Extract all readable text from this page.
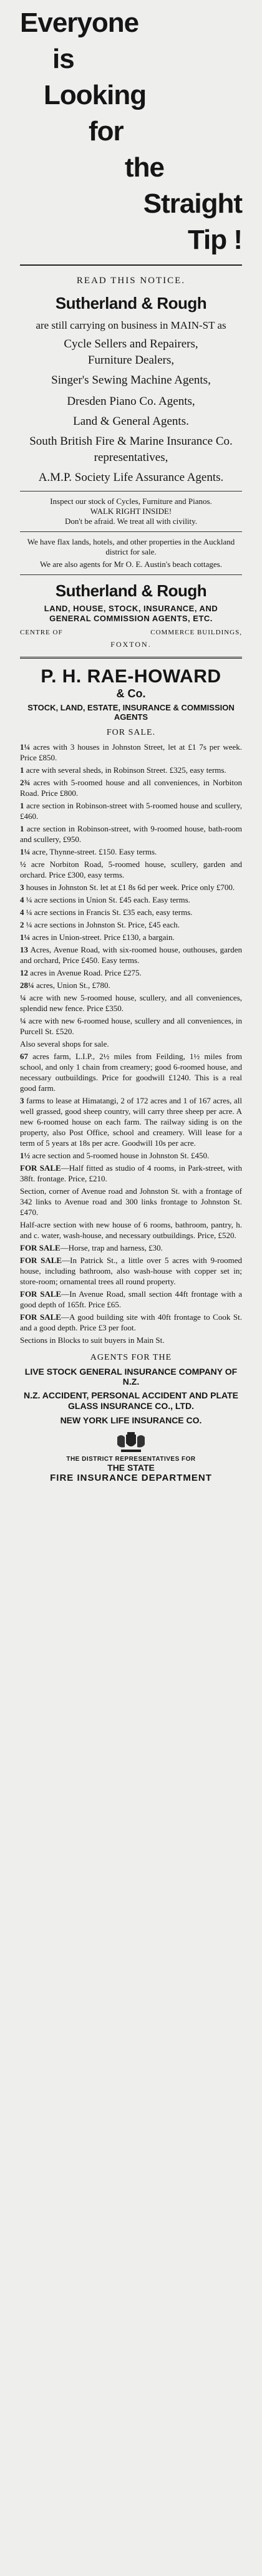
Everyone
is
Looking
for
the
Straight
Tip !
READ THIS NOTICE.
Sutherland & Rough
are still carrying on business in MAIN-ST as
Cycle Sellers and Repairers,
Furniture Dealers,
Singer's Sewing Machine Agents,
Dresden Piano Co. Agents,
Land & General Agents.
South British Fire & Marine Insurance Co. representatives,
A.M.P. Society Life Assurance Agents.
Inspect our stock of Cycles, Furniture and Pianos.
WALK RIGHT INSIDE!
Don't be afraid. We treat all with civility.
We have flax lands, hotels, and other properties in the Auckland district for sale.
We are also agents for Mr O. E. Austin's beach cottages.
Sutherland & Rough
LAND, HOUSE, STOCK, INSURANCE, AND GENERAL COMMISSION AGENTS, ETC.
CENTRE OF	COMMERCE BUILDINGS,
FOXTON.
P. H. RAE-HOWARD
& Co.
STOCK, LAND, ESTATE, INSURANCE & COMMISSION AGENTS
FOR SALE.

1¼ acres with 3 houses in Johnston Street, let at £1 7s per week. Price £850.

1 acre with several sheds, in Robinson Street. £325, easy terms.

2¾ acres with 5-roomed house and all conveniences, in Norbiton Road. Price £800.

1 acre section in Robinson-street with 5-roomed house and scullery, £460.

1 acre section in Robinson-street, with 9-roomed house, bath-room and scullery, £950.

1¼ acre, Thynne-street. £150. Easy terms.

½ acre Norbiton Road, 5-roomed house, scullery, garden and orchard. Price £300, easy terms.

3 houses in Johnston St. let at £1 8s 6d per week. Price only £700.

4 ¼ acre sections in Union St. £45 each. Easy terms.

4 ¼ acre sections in Francis St. £35 each, easy terms.

2 ¼ acre sections in Johnston St. Price, £45 each.

1¼ acres in Union-street. Price £130, a bargain.

13 Acres, Avenue Road, with six-roomed house, outhouses, garden and orchard, Price £450. Easy terms.

12 acres in Avenue Road. Price £275.

28¼ acres, Union St., £780.

¼ acre with new 5-roomed house, scullery, and all conveniences, splendid new fence. Price £350.

¼ acre with new 6-roomed house, scullery and all conveniences, in Purcell St. £520.

Also several shops for sale.

67 acres farm, L.I.P., 2½ miles from Feilding, 1½ miles from school, and only 1 chain from creamery; good 6-roomed house, and necessary outbuildings. Price for goodwill £1240. This is a real good farm.

3 farms to lease at Himatangi, 2 of 172 acres and 1 of 167 acres, all well grassed, good sheep country, will carry three sheep per acre. A new 6-roomed house on each farm. The railway siding is on the property, also Post Office, school and creamery. Will lease for a term of 5 years at 18s per acre. Goodwill 10s per acre.

1½ acre section and 5-roomed house in Johnston St. £450.

FOR SALE—Half fitted as studio of 4 rooms, in Park-street, with 38ft. frontage. Price, £210.

Section, corner of Avenue road and Johnston St. with a frontage of 342 links to Avenue road and 300 links frontage to Johnston St. £470.

Half-acre section with new house of 6 rooms, bathroom, pantry, h. and c. water, wash-house, and necessary outbuildings. Price, £520.

FOR SALE—Horse, trap and harness, £30.

FOR SALE—In Patrick St., a little over 5 acres with 9-roomed house, including bathroom, also wash-house with copper set in; store-room; ornamental trees all round property.

FOR SALE—In Avenue Road, small section 44ft frontage with a good depth of 165ft. Price £65.

FOR SALE—A good building site with 40ft frontage to Cook St. and a good depth. Price £3 per foot.

Sections in Blocks to suit buyers in Main St.

AGENTS FOR THE
LIVE STOCK GENERAL INSURANCE COMPANY OF N.Z.
N.Z. ACCIDENT, PERSONAL ACCIDENT AND PLATE GLASS INSURANCE CO., LTD.
NEW YORK LIFE INSURANCE CO.
THE DISTRICT REPRESENTATIVES FOR
THE STATE
FIRE INSURANCE DEPARTMENT
